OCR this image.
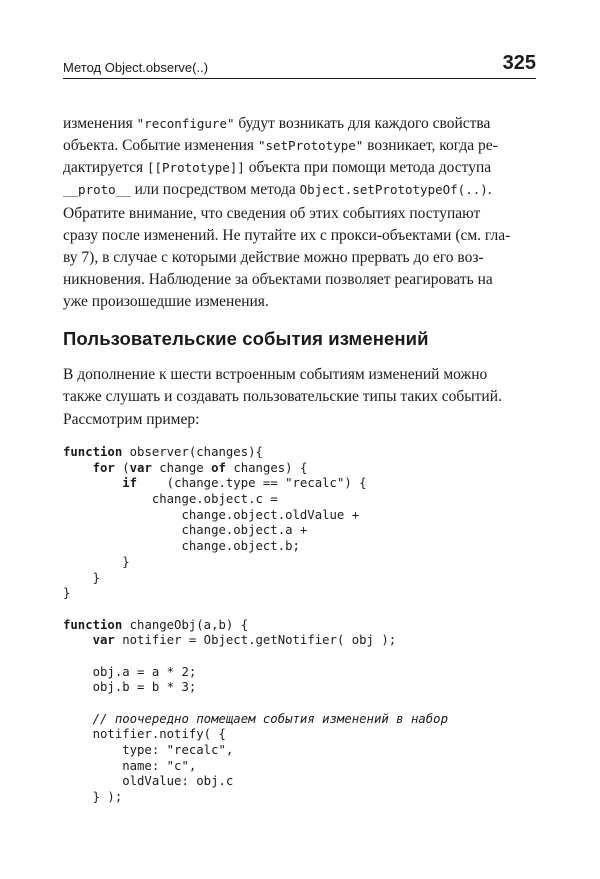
Метод Object.observe(..)	325

изменения "reconfigure" будут возникать для каждого свойства
объекта. Событие изменения "setPrototype" возникает, когда ре-
дактируется [[Prototype]] объекта при помощи метода доступа
__proto__ или посредством метода Object.setPrototypeOf(..).

Обратите внимание, что сведения об этих событиях поступают
сразу после изменений. Не путайте их с прокси-объектами (см. гла-
ву 7), в случае с которыми действие можно прервать до его воз-
никновения. Наблюдение за объектами позволяет реагировать на
уже произошедшие изменения.

Пользовательские события изменений

В дополнение к шести встроенным событиям изменений можно
также слушать и создавать пользовательские типы таких событий.

Рассмотрим пример:

function observer(changes){
for (var change of changes) {
if    (change.type == "recalc") {
change.object.c =
change.object.oldValue +
change.object.a +
change.object.b;
}
}
}
function changeObj(a,b) {
var notifier = Object.getNotifier( obj );
obj.a = a * 2;
obj.b = b * 3;
// поочередно помещаем события изменений в набор
notifier.notify( {
type: "recalc",
name: "c",
oldValue: obj.c
} );
